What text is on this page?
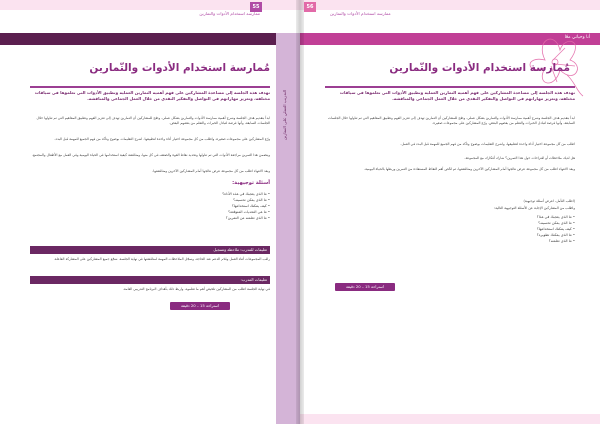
55
ممارسة استخدام الأدوات والتمارين
التدريب العملي على التمارين
مُمارسة استخدام الأدوات والتّمارين
تهدف هذه الجلسة إلى مساعدة المشاركين على فهم أهمية التمارين العملية وتطبيق الأدوات التي تعلموها في سياقات مختلفة، وتعزيز مهاراتهم في التواصل والتفكير النقدي من خلال العمل الجماعي والمناقشة.
ابدأ بتقديم هدف الجلسة وشرح أهمية ممارسة الأدوات والتمارين بشكل عملي. وضّح للمشاركين أن التمارين تهدف إلى تعزيز الفهم وتطبيق المفاهيم التي تم تناولها خلال الجلسات السابقة، وأنها فرصة لتبادل الخبرات والتعلم من بعضهم البعض.
وزّع المشاركين على مجموعات صغيرة، واطلب من كل مجموعة اختيار أداة واحدة لتطبيقها. اشرح التعليمات بوضوح وتأكد من فهم الجميع للمهمة قبل البدء.
ويتضمن هذا التمرين مراجعة الأدوات التي تم تناولها وتحديد نقاط القوة والضعف في كل منها، ومناقشة كيفية استخدامها في الحياة اليومية وفي العمل مع الأطفال والمجتمع.
وبعد الانتهاء اطلب من كل مجموعة عرض نتائجها أمام المشاركين الآخرين ومناقشتها.
أسئلة توجيهية:
• ما الذي يعجبك في هذه الأداة؟
• ما الذي يمكن تحسينه؟
• كيف يمكنك استخدامها؟
• ما هي التحديات المتوقعة؟
• ما الذي تعلمته من التمرين؟
تعليمات للمدرب: ملاحظة وتسجيل
راقب المجموعات أثناء العمل وقدّم الدعم عند الحاجة، وسجّل الملاحظات المهمة لمناقشتها في نهاية الجلسة. شجّع جميع المشاركين على المشاركة الفاعلة.
تعليمات المدرب:
في نهاية الجلسة اطلب من المشاركين تلخيص أهم ما تعلموه، واربط ذلك بأهداف البرنامج التدريبي العامة.
استراحة 15 – 20 دقيقة
56
ممارسة استخدام الأدوات والتمارين
أنا وحياتي معًا
مُمارسة استخدام الأدوات والتّمارين
تهدف هذه الجلسة إلى مساعدة المشاركين على فهم أهمية التمارين العملية وتطبيق الأدوات التي تعلموها في سياقات مختلفة، وتعزيز مهاراتهم في التواصل والتفكير النقدي من خلال العمل الجماعي والمناقشة.
ابدأ بتقديم هدف الجلسة وشرح أهمية ممارسة الأدوات والتمارين بشكل عملي. وضّح للمشاركين أن التمارين تهدف إلى تعزيز الفهم وتطبيق المفاهيم التي تم تناولها خلال الجلسات السابقة، وأنها فرصة لتبادل الخبرات والتعلم من بعضهم البعض. وزّع المشاركين على مجموعات صغيرة.
اطلب من كل مجموعة اختيار أداة واحدة لتطبيقها، واشرح التعليمات بوضوح وتأكد من فهم الجميع للمهمة قبل البدء في العمل.
هل لديك ملاحظات أو اقتراحات حول هذا التمرين؟ شارك أفكارك مع المجموعة.
وبعد الانتهاء اطلب من كل مجموعة عرض نتائجها أمام المشاركين الآخرين ومناقشتها، ثم لخّص أهم النقاط المستفادة من التمرين وربطها بالحياة اليومية.
(اطلب التأمل، اعرض أسئلة توجيهية)
واطلب من المشاركين الإجابة عن الأسئلة التوجيهية التالية:
• ما الذي يعجبك في هذا؟
• ما الذي يمكن تحسينه؟
• كيف يمكنك استخدامها؟
• ما الذي يمكنك تطويره؟
• ما الذي تعلمته؟
استراحة 15 – 20 دقيقة
